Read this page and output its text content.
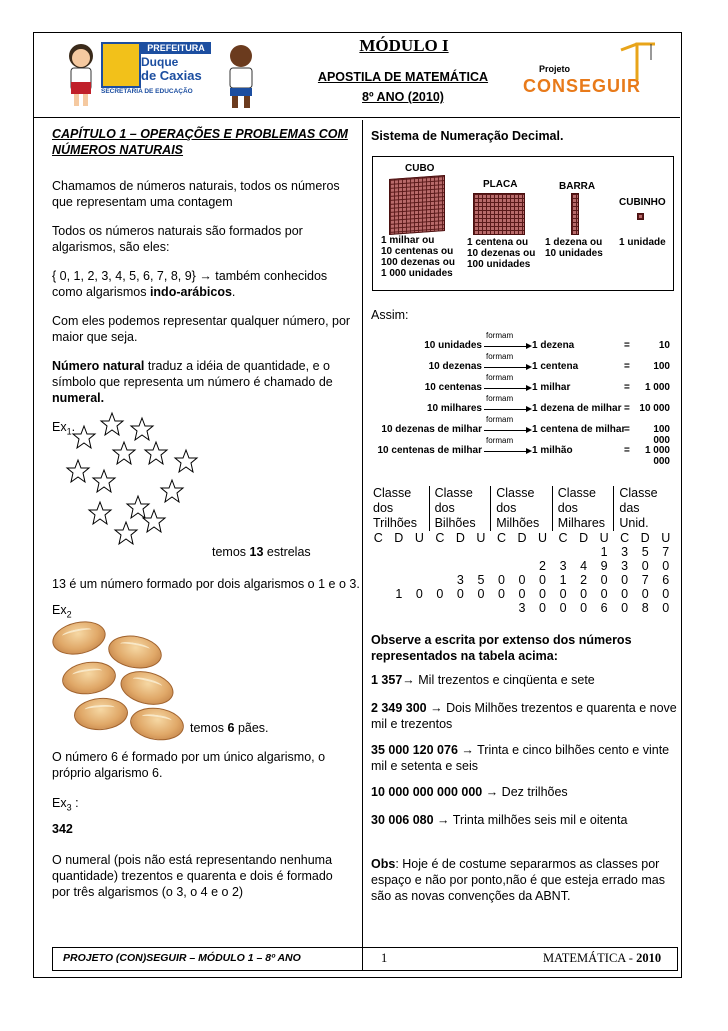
PREFEITURA
Duque
de Caxias
SECRETARIA DE EDUCAÇÃO
MÓDULO I
APOSTILA DE MATEMÁTICA
8º ANO (2010)
Projeto
CONSEGUIR

CAPÍTULO 1 – OPERAÇÕES E PROBLEMAS COM NÚMEROS NATURAIS

Chamamos de números naturais, todos os números que representam uma contagem

Todos os números naturais são formados por algarismos, são eles:

{ 0, 1, 2, 3, 4, 5, 6, 7, 8, 9} → também conhecidos como algarismos indo-arábicos.

Com eles podemos representar qualquer número, por maior que seja.

Número natural traduz a idéia de quantidade, e o símbolo que representa um número é chamado de numeral.

$Ex_1$.

temos 13 estrelas

13 é um número formado por dois algarismos o 1 e o 3.

$Ex_2$

temos 6 pães.

O número 6 é formado por um único algarismo, o próprio algarismo 6.

$Ex_3$ :

342

O numeral (pois não está representando nenhuma quantidade) trezentos e quarenta e dois é formado por três algarismos (o 3, o 4 e o 2)

Sistema de Numeração Decimal.

CUBO
1 milhar ou
10 centenas ou
100 dezenas ou
1 000 unidades
PLACA
1 centena ou
10 dezenas ou
100 unidades
BARRA
1 dezena ou
10 unidades
CUBINHO
1 unidade

Assim:

10 unidades
formam
1 dezena	=	10
10 dezenas
formam
1 centena	=	100
10 centenas
formam
1 milhar	=	1 000
10 milhares
formam
1 dezena de milhar = 10 000
10 dezenas de milhar
formam
1 centena de milhar
=	100 000
10 centenas de milhar
formam
1 milhão	=	1 000 000
Classe
dos
Trilhões
Classe
dos
Bilhões
Classe
dos
Milhões
Classe
dos
Milhares
Classe
das
Unid.
C	D	U	C	D	U	C	D	U	C	D	U	C	D	U
											1	3	5	7
								2	3	4	9	3	0	0
				3	5	0	0	0	1	2	0	0	7	6
	1	0	0	0	0	0	0	0	0	0	0	0	0	0
							3	0	0	0	6	0	8	0

Observe a escrita por extenso dos números representados na tabela acima:

1 357→ Mil trezentos e cinqüenta e sete

2 349 300 → Dois Milhões trezentos e quarenta e nove mil e trezentos

35 000 120 076 → Trinta e cinco bilhões cento e vinte mil e setenta e seis

10 000 000 000 000 → Dez trilhões

30 006 080 → Trinta milhões seis mil e oitenta

Obs: Hoje é de costume separarmos as classes por espaço e não por ponto,não é que esteja errado mas são as novas convenções da ABNT.

PROJETO (CON)SEGUIR – MÓDULO 1 – 8º ANO	1	MATEMÁTICA - 2010
